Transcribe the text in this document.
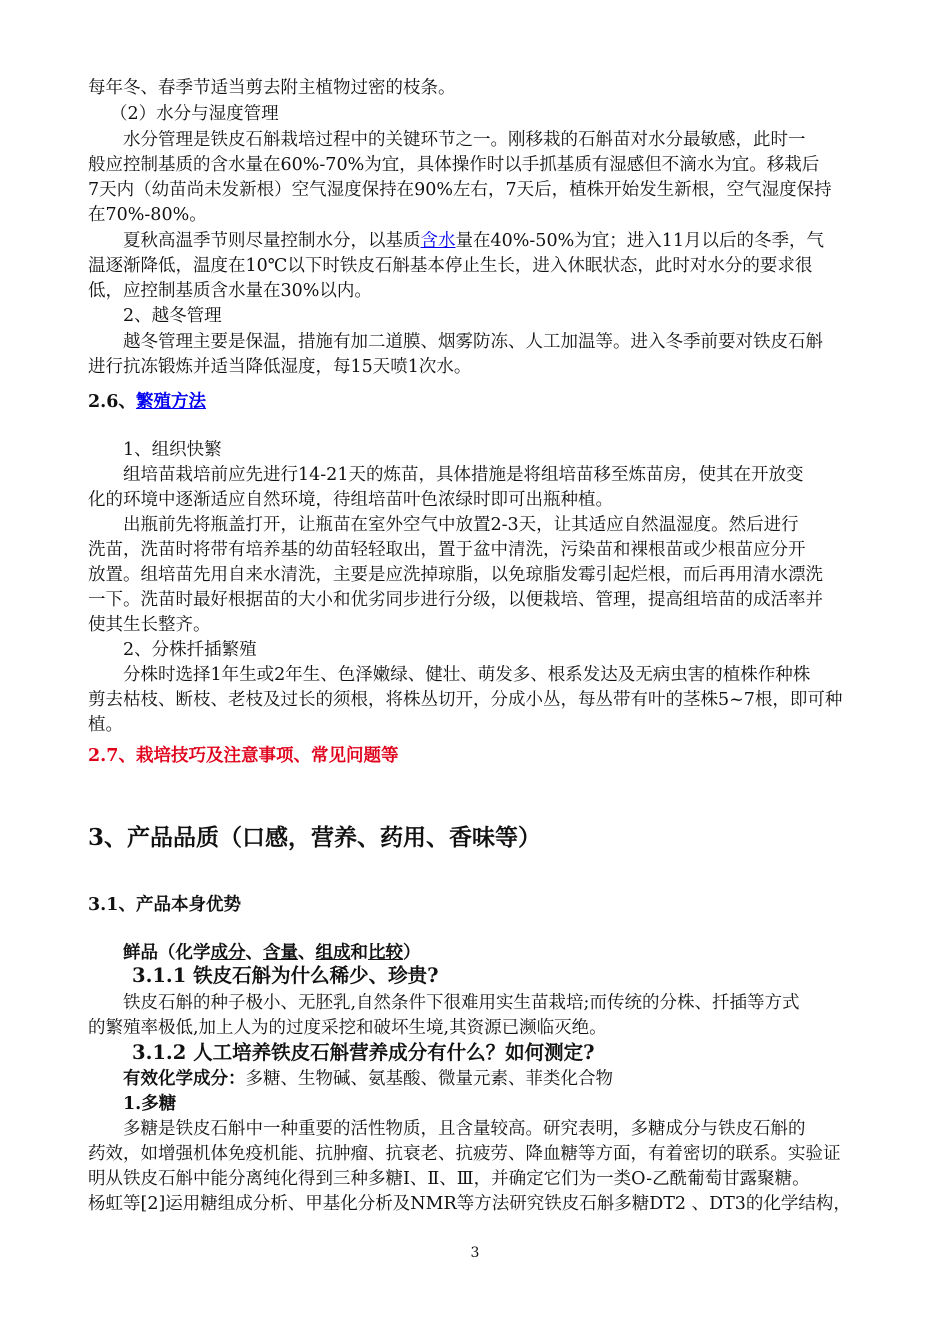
每年冬、春季节适当剪去附主植物过密的枝条。
（2）水分与湿度管理
水分管理是铁皮石斛栽培过程中的关键环节之一。刚移栽的石斛苗对水分最敏感，此时一
般应控制基质的含水量在60%-70%为宜，具体操作时以手抓基质有湿感但不滴水为宜。移栽后
7天内（幼苗尚未发新根）空气湿度保持在90%左右，7天后，植株开始发生新根，空气湿度保持
在70%-80%。
夏秋高温季节则尽量控制水分，以基质含水量在40%-50%为宜；进入11月以后的冬季，气
温逐渐降低，温度在10℃以下时铁皮石斛基本停止生长，进入休眠状态，此时对水分的要求很
低，应控制基质含水量在30%以内。
2、越冬管理
越冬管理主要是保温，措施有加二道膜、烟雾防冻、人工加温等。进入冬季前要对铁皮石斛
进行抗冻锻炼并适当降低湿度，每15天喷1次水。
2.6、繁殖方法
1、组织快繁
组培苗栽培前应先进行14-21天的炼苗，具体措施是将组培苗移至炼苗房，使其在开放变
化的环境中逐渐适应自然环境，待组培苗叶色浓绿时即可出瓶种植。
出瓶前先将瓶盖打开，让瓶苗在室外空气中放置2-3天，让其适应自然温湿度。然后进行
洗苗，洗苗时将带有培养基的幼苗轻轻取出，置于盆中清洗，污染苗和裸根苗或少根苗应分开
放置。组培苗先用自来水清洗，主要是应洗掉琼脂，以免琼脂发霉引起烂根，而后再用清水漂洗
一下。洗苗时最好根据苗的大小和优劣同步进行分级，以便栽培、管理，提高组培苗的成活率并
使其生长整齐。
2、分株扦插繁殖
分株时选择1年生或2年生、色泽嫩绿、健壮、萌发多、根系发达及无病虫害的植株作种株
剪去枯枝、断枝、老枝及过长的须根，将株丛切开，分成小丛，每丛带有叶的茎株5~7根，即可种
植。
2.7、栽培技巧及注意事项、常见问题等
3、产品品质（口感，营养、药用、香味等）
3.1、产品本身优势
鲜品（化学成分、含量、组成和比较）
3.1.1 铁皮石斛为什么稀少、珍贵?
铁皮石斛的种子极小、无胚乳,自然条件下很难用实生苗栽培;而传统的分株、扦插等方式
的繁殖率极低,加上人为的过度采挖和破坏生境,其资源已濒临灭绝。
3.1.2 人工培养铁皮石斛营养成分有什么？如何测定?
有效化学成分：多糖、生物碱、氨基酸、微量元素、菲类化合物
1.多糖
多糖是铁皮石斛中一种重要的活性物质，且含量较高。研究表明，多糖成分与铁皮石斛的
药效，如增强机体免疫机能、抗肿瘤、抗衰老、抗疲劳、降血糖等方面，有着密切的联系。实验证
明从铁皮石斛中能分离纯化得到三种多糖Ⅰ、Ⅱ、Ⅲ，并确定它们为一类O-乙酰葡萄甘露聚糖。
杨虹等[2]运用糖组成分析、甲基化分析及NMR等方法研究铁皮石斛多糖DT2 、DT3的化学结构，
3
